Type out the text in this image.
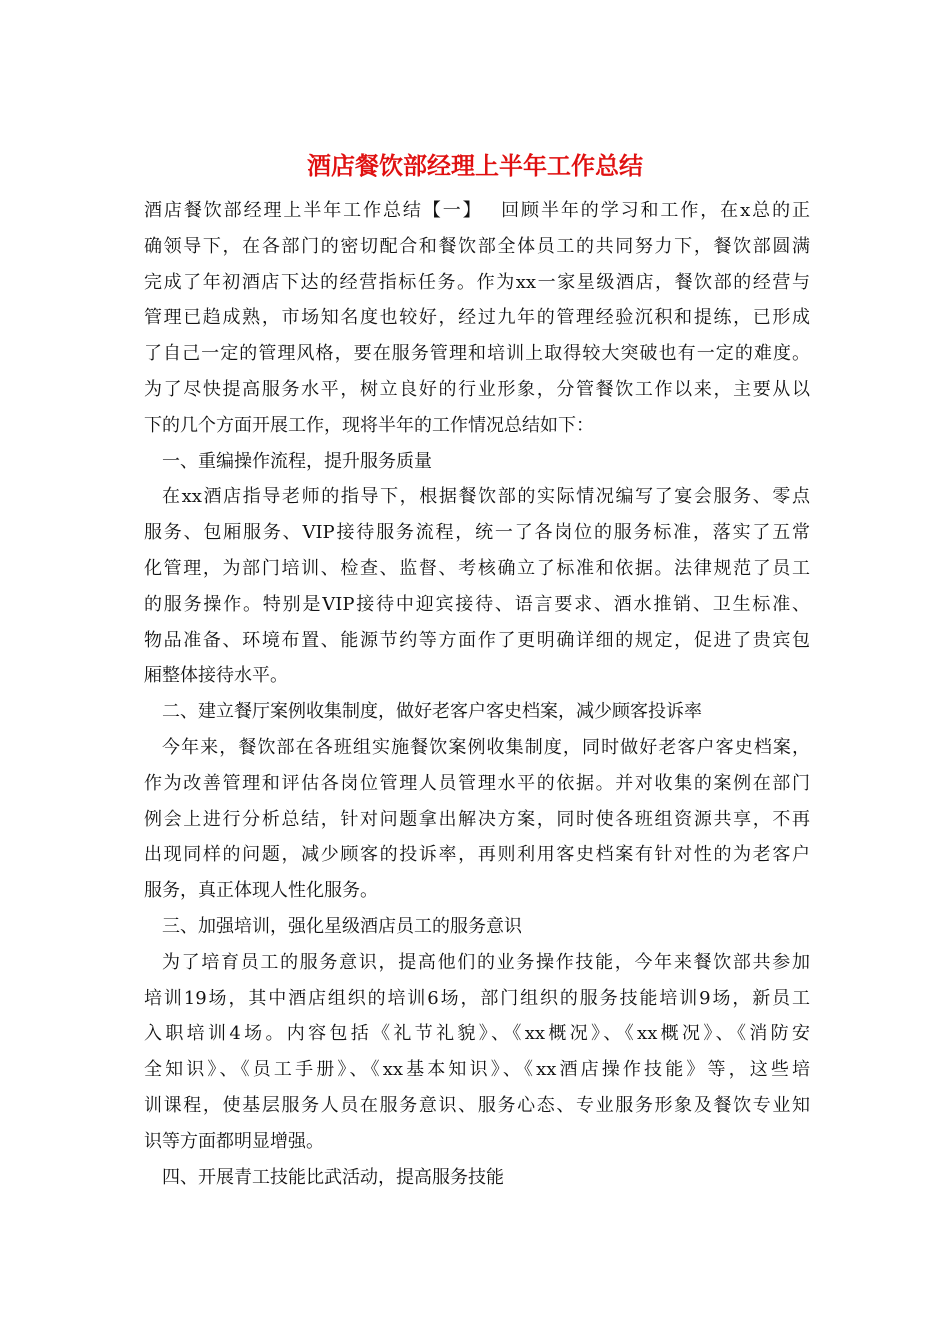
酒店餐饮部经理上半年工作总结
酒店餐饮部经理上半年工作总结【一】　 回顾半年的学习和工作，在x总的正
确领导下，在各部门的密切配合和餐饮部全体员工的共同努力下，餐饮部圆满
完成了年初酒店下达的经营指标任务。作为xx一家星级酒店，餐饮部的经营与
管理已趋成熟，市场知名度也较好，经过九年的管理经验沉积和提练，已形成
了自己一定的管理风格，要在服务管理和培训上取得较大突破也有一定的难度。
为了尽快提高服务水平，树立良好的行业形象，分管餐饮工作以来，主要从以
下的几个方面开展工作，现将半年的工作情况总结如下：
一、重编操作流程，提升服务质量
在xx酒店指导老师的指导下，根据餐饮部的实际情况编写了宴会服务、零点
服务、包厢服务、VIP接待服务流程，统一了各岗位的服务标准，落实了五常
化管理，为部门培训、检查、监督、考核确立了标准和依据。法律规范了员工
的服务操作。特别是VIP接待中迎宾接待、语言要求、酒水推销、卫生标准、
物品准备、环境布置、能源节约等方面作了更明确详细的规定，促进了贵宾包
厢整体接待水平。
二、建立餐厅案例收集制度，做好老客户客史档案，减少顾客投诉率
今年来，餐饮部在各班组实施餐饮案例收集制度，同时做好老客户客史档案，
作为改善管理和评估各岗位管理人员管理水平的依据。并对收集的案例在部门
例会上进行分析总结，针对问题拿出解决方案，同时使各班组资源共享，不再
出现同样的问题，减少顾客的投诉率，再则利用客史档案有针对性的为老客户
服务，真正体现人性化服务。
三、加强培训，强化星级酒店员工的服务意识
为了培育员工的服务意识，提高他们的业务操作技能，今年来餐饮部共参加
培训19场，其中酒店组织的培训6场，部门组织的服务技能培训9场，新员工
入职培训4场。内容包括《礼节礼貌》、《xx概况》、《xx概况》、《消防安
全知识》、《员工手册》、《xx基本知识》、《xx酒店操作技能》等，这些培
训课程，使基层服务人员在服务意识、服务心态、专业服务形象及餐饮专业知
识等方面都明显增强。
四、开展青工技能比武活动，提高服务技能
